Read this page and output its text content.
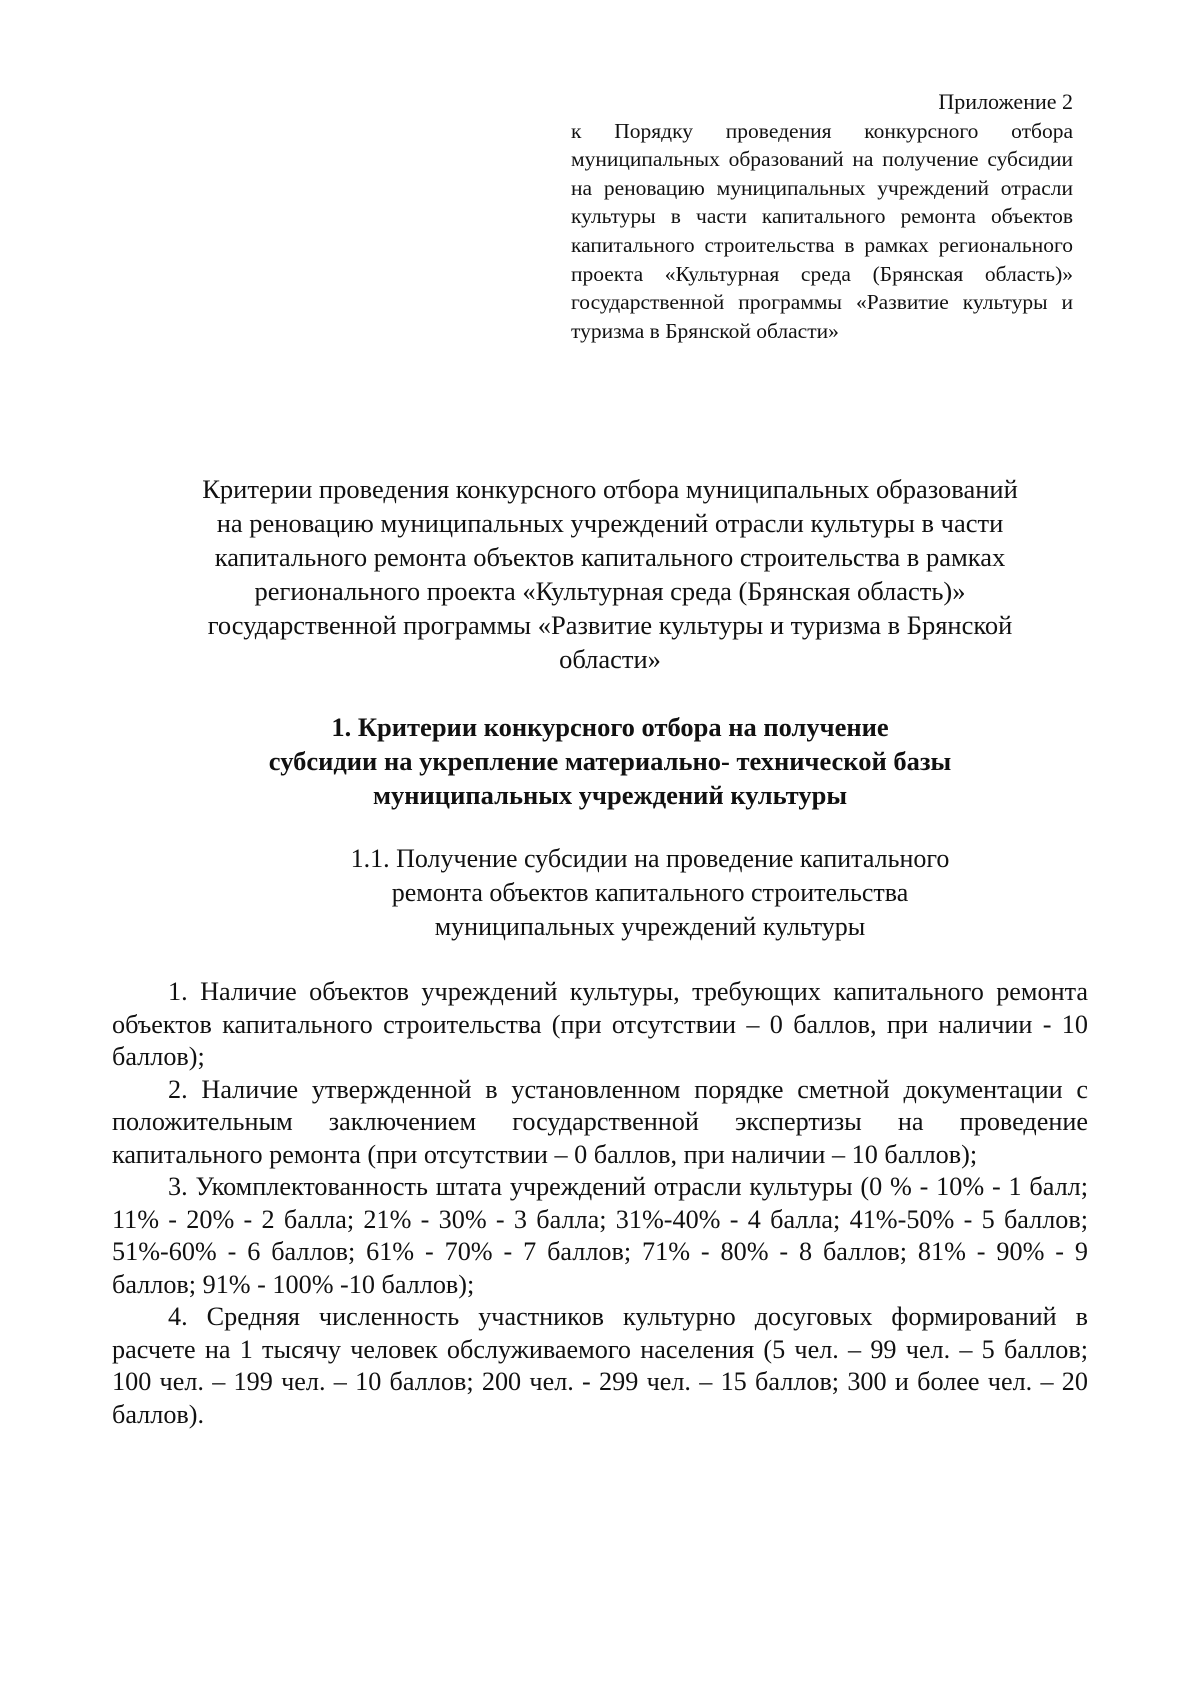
Приложение 2
к Порядку проведения конкурсного отбора муниципальных образований на получение субсидии на реновацию муниципальных учреждений отрасли культуры в части капитального ремонта объектов капитального строительства в рамках регионального проекта «Культурная среда (Брянская область)» государственной программы «Развитие культуры и туризма в Брянской области»
Критерии проведения конкурсного отбора муниципальных образований
на реновацию муниципальных учреждений отрасли культуры в части
капитального ремонта объектов капитального строительства в рамках
регионального проекта «Культурная среда (Брянская область)»
государственной программы «Развитие культуры и туризма в Брянской
области»
1. Критерии конкурсного отбора на получение
субсидии на укрепление материально- технической базы
муниципальных учреждений культуры
1.1. Получение субсидии на проведение капитального
ремонта объектов капитального строительства
муниципальных учреждений культуры

1. Наличие объектов учреждений культуры, требующих капитального ремонта объектов капитального строительства (при отсутствии – 0 баллов, при наличии - 10 баллов);

2. Наличие утвержденной в установленном порядке сметной документации с положительным заключением государственной экспертизы на проведение капитального ремонта (при отсутствии – 0 баллов, при наличии – 10 баллов);

3. Укомплектованность штата учреждений отрасли культуры (0 % - 10% - 1 балл; 11% - 20% - 2 балла; 21% - 30% - 3 балла; 31%-40% - 4 балла; 41%-50% - 5 баллов; 51%-60% - 6 баллов; 61% - 70% - 7 баллов; 71% - 80% - 8 баллов; 81% - 90% - 9 баллов; 91% - 100% -10 баллов);

4. Средняя численность участников культурно досуговых формирований в расчете на 1 тысячу человек обслуживаемого населения (5 чел. – 99 чел. – 5 баллов; 100 чел. – 199 чел. – 10 баллов; 200 чел. - 299 чел. – 15 баллов; 300 и более чел. – 20 баллов).
